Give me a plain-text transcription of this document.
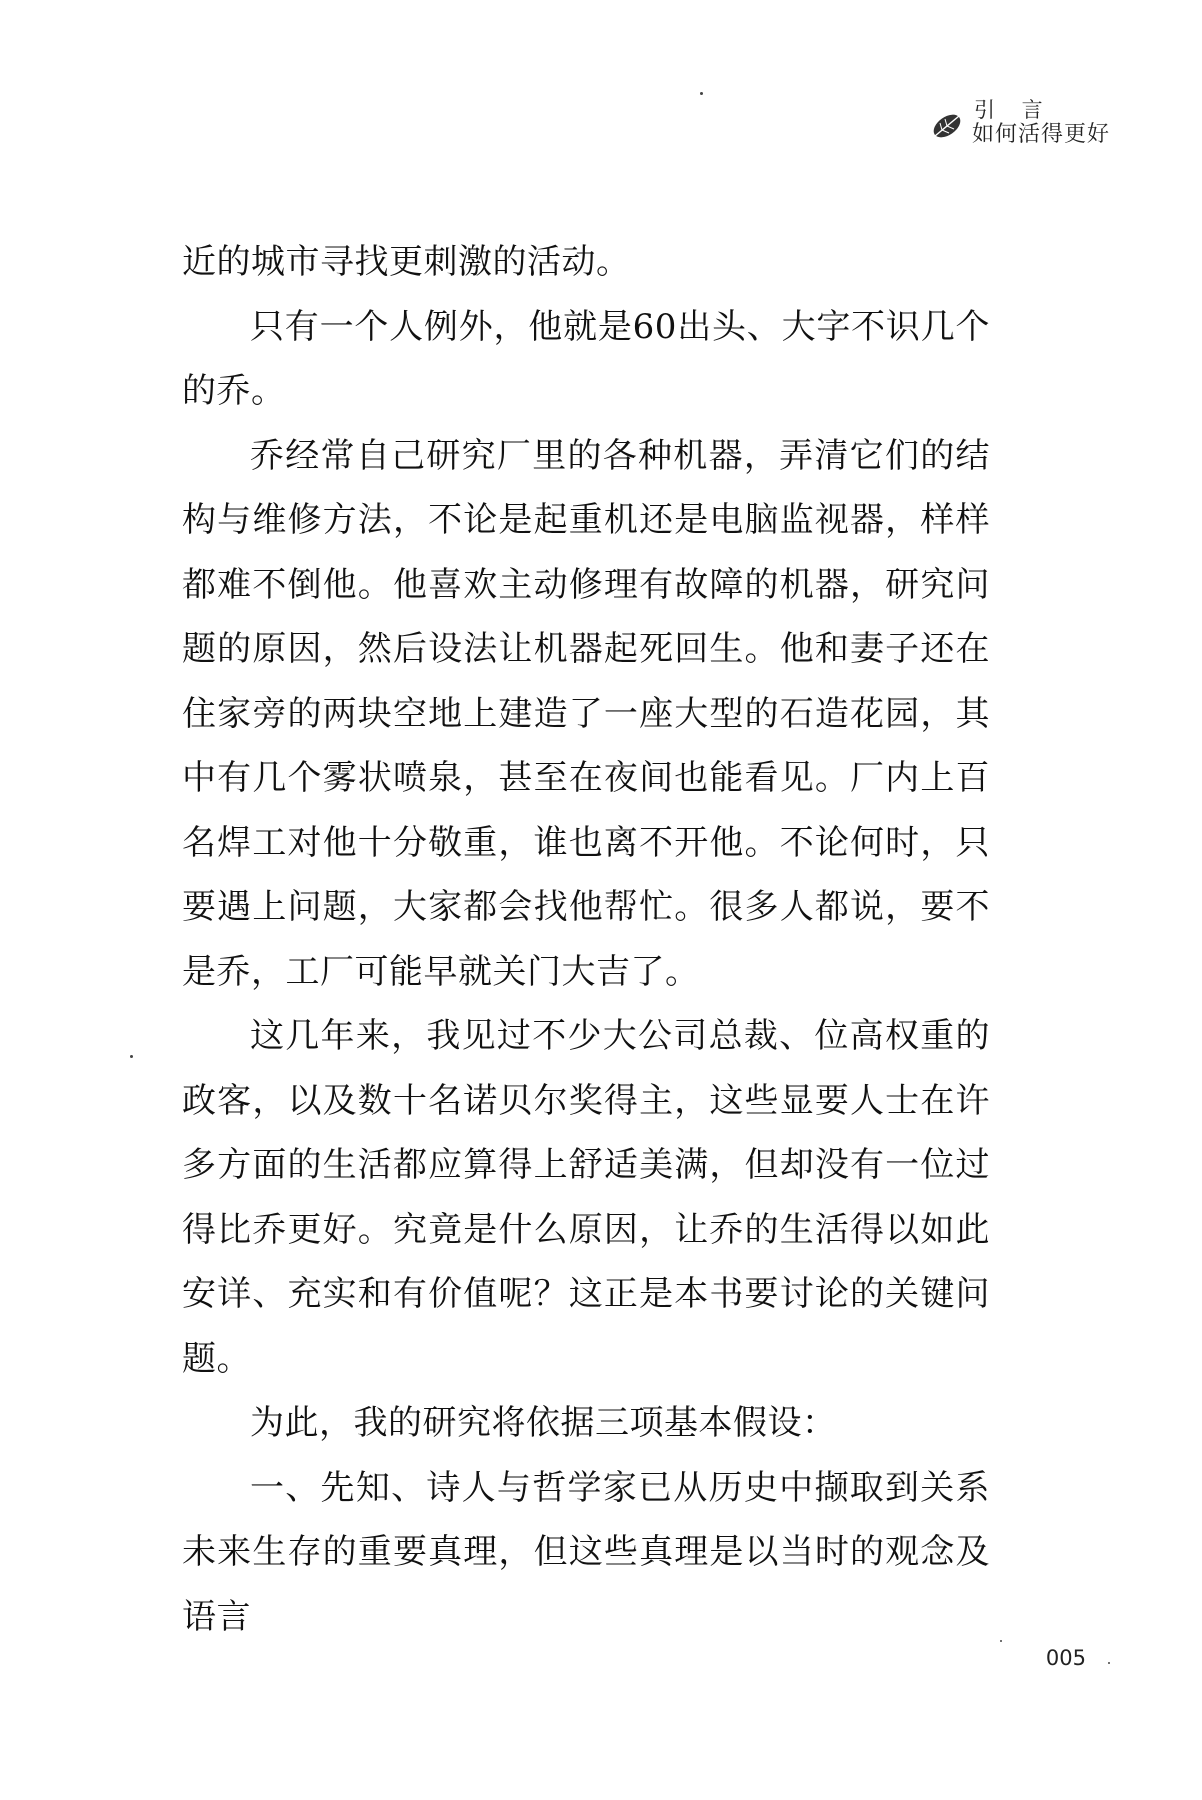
引 言
如何活得更好

近的城市寻找更刺激的活动。

只有一个人例外，他就是60出头、大字不识几个的乔。

乔经常自己研究厂里的各种机器，弄清它们的结构与维修方法，不论是起重机还是电脑监视器，样样都难不倒他。他喜欢主动修理有故障的机器，研究问题的原因，然后设法让机器起死回生。他和妻子还在住家旁的两块空地上建造了一座大型的石造花园，其中有几个雾状喷泉，甚至在夜间也能看见。厂内上百名焊工对他十分敬重，谁也离不开他。不论何时，只要遇上问题，大家都会找他帮忙。很多人都说，要不是乔，工厂可能早就关门大吉了。

这几年来，我见过不少大公司总裁、位高权重的政客，以及数十名诺贝尔奖得主，这些显要人士在许多方面的生活都应算得上舒适美满，但却没有一位过得比乔更好。究竟是什么原因，让乔的生活得以如此安详、充实和有价值呢？这正是本书要讨论的关键问题。

为此，我的研究将依据三项基本假设：

一、先知、诗人与哲学家已从历史中撷取到关系未来生存的重要真理，但这些真理是以当时的观念及语言

005
